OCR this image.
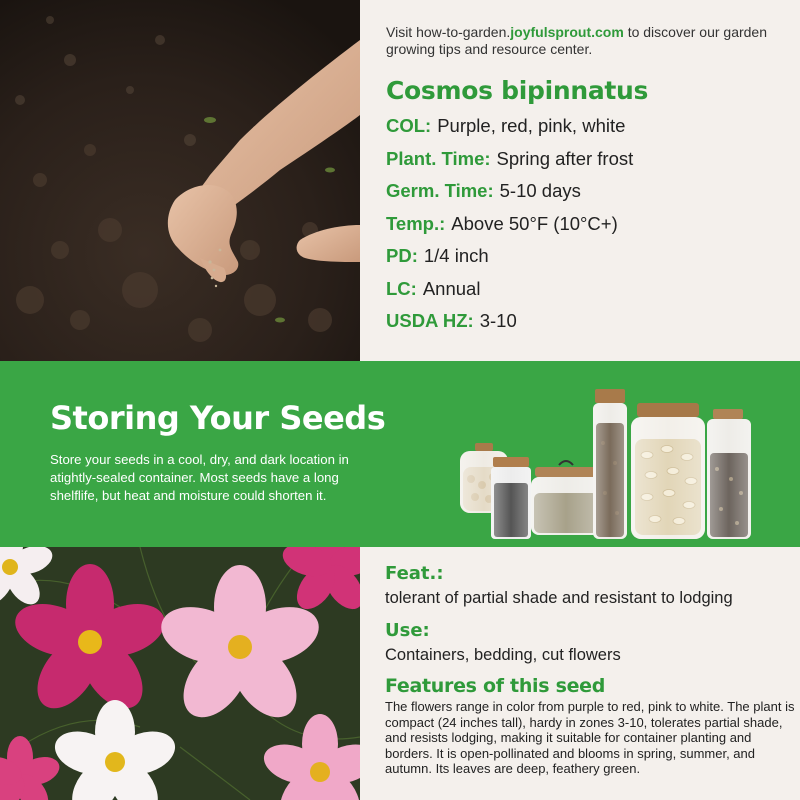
Visit how-to-garden.joyfulsprout.com to discover our garden growing tips and resource center.

Cosmos bipinnatus
COL: Purple, red, pink, white
Plant. Time: Spring after frost
Germ. Time: 5-10 days
Temp.: Above 50°F (10°C+)
PD: 1/4 inch
LC: Annual
USDA HZ: 3-10
Storing Your Seeds

Store your seeds in a cool, dry, and dark location in atightly-sealed container. Most seeds have a long shelflife, but heat and moisture could shorten it.

Feat.:
tolerant of partial shade and resistant to lodging
Use:
Containers, bedding, cut flowers
Features of this seed

The flowers range in color from purple to red, pink to white. The plant is compact (24 inches tall), hardy in zones 3-10, tolerates partial shade, and resists lodging, making it suitable for container planting and borders. It is open-pollinated and blooms in spring, summer, and autumn. Its leaves are deep, feathery green.
